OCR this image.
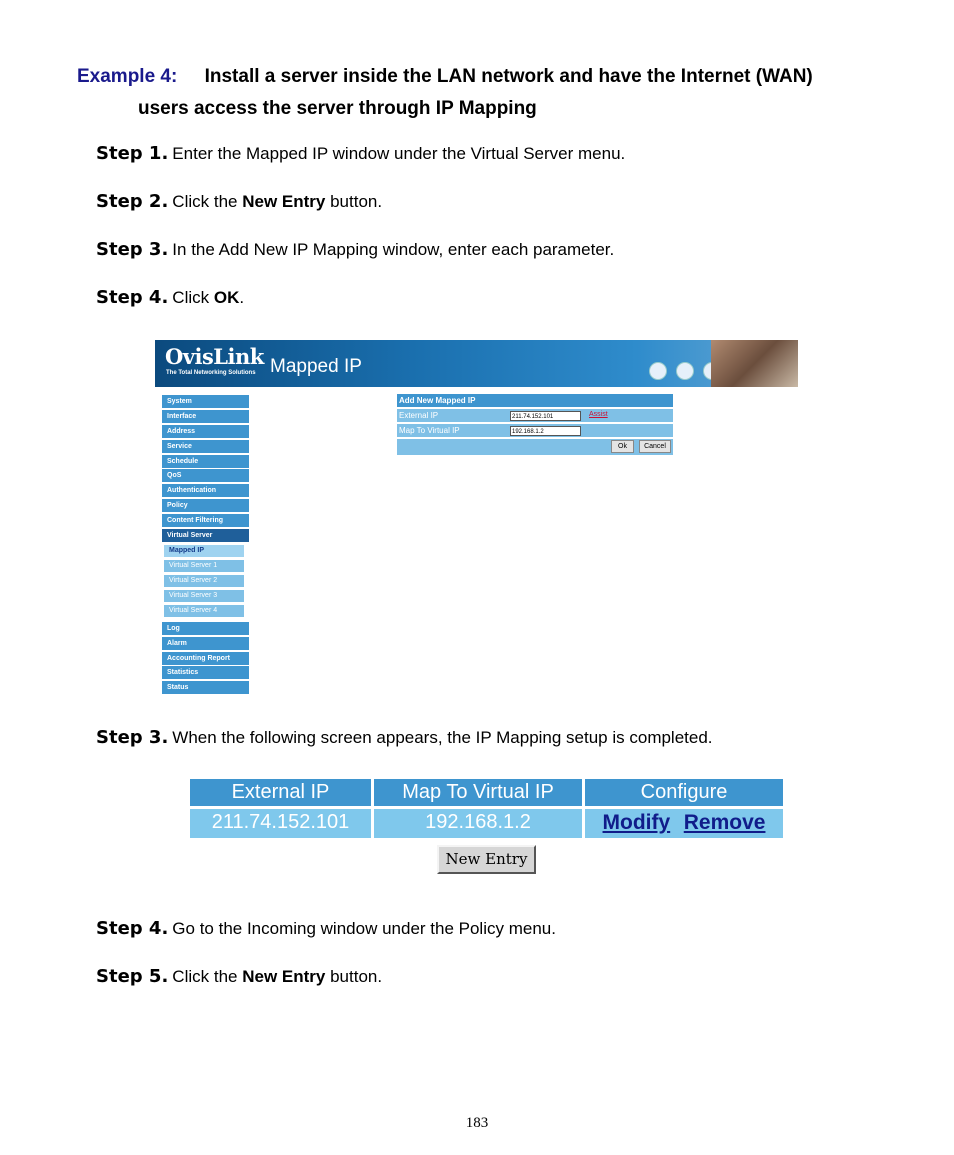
Example 4: Install a server inside the LAN network and have the Internet (WAN)
users access the server through IP Mapping
Step 1. Enter the Mapped IP window under the Virtual Server menu.
Step 2. Click the New Entry button.
Step 3. In the Add New IP Mapping window, enter each parameter.
Step 4. Click OK.
OvisLink
The Total Networking Solutions Mapped IP
System
Interface
Address
Service
Schedule
QoS
Authentication
Policy
Content Filtering
Virtual Server
Mapped IP
Virtual Server 1
Virtual Server 2
Virtual Server 3
Virtual Server 4
Log
Alarm
Accounting Report
Statistics
Status
Add New Mapped IP
External IP	211.74.152.101	Assist
Map To Virtual IP	192.168.1.2
Ok	Cancel
Step 3. When the following screen appears, the IP Mapping setup is completed.
External IP	Map To Virtual IP	Configure
211.74.152.101	192.168.1.2	Modify Remove
New Entry
Step 4. Go to the Incoming window under the Policy menu.
Step 5. Click the New Entry button.
183
